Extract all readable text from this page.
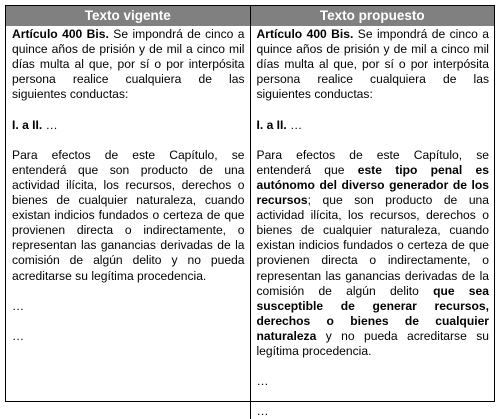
Texto vigente	Texto propuesto

Artículo 400 Bis. Se impondrá de cinco a quince años de prisión y de mil a cinco mil días multa al que, por sí o por interpósita persona realice cualquiera de las siguientes conductas:

I. a II. …

Para efectos de este Capítulo, se entenderá que son producto de una actividad ilícita, los recursos, derechos o bienes de cualquier naturaleza, cuando existan indicios fundados o certeza de que provienen directa o indirectamente, o representan las ganancias derivadas de la comisión de algún delito y no pueda acreditarse su legítima procedencia.

…

…

Artículo 400 Bis. Se impondrá de cinco a quince años de prisión y de mil a cinco mil días multa al que, por sí o por interpósita persona realice cualquiera de las siguientes conductas:

I. a II. …

Para efectos de este Capítulo, se entenderá que este tipo penal es autónomo del diverso generador de los recursos; que son producto de una actividad ilícita, los recursos, derechos o bienes de cualquier naturaleza, cuando existan indicios fundados o certeza de que provienen directa o indirectamente, o representan las ganancias derivadas de la comisión de algún delito que sea susceptible de generar recursos, derechos o bienes de cualquier naturaleza y no pueda acreditarse su legítima procedencia.

…

…
